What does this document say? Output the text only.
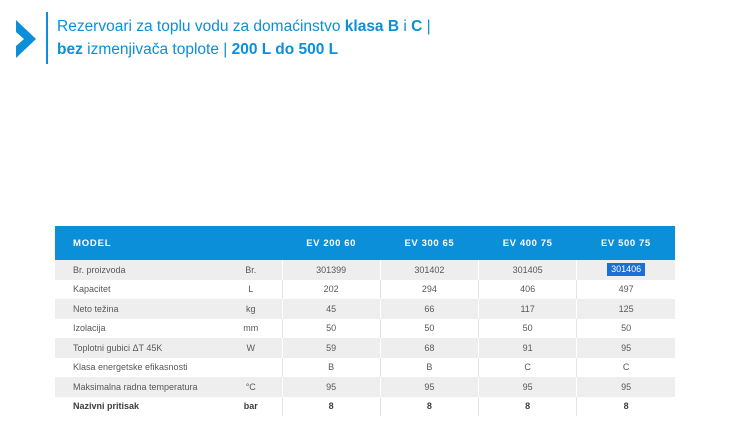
Rezervoari za toplu vodu za domaćinstvo klasa B i C |
bez izmenjivača toplote | 200 L do 500 L
MODEL		EV 200 60	EV 300 65	EV 400 75	EV 500 75
Br. proizvoda	Br.	301399	301402	301405	301406
Kapacitet	L	202	294	406	497
Neto težina	kg	45	66	117	125
Izolacija	mm	50	50	50	50
Toplotni gubici ΔT 45K	W	59	68	91	95
Klasa energetske efikasnosti		B	B	C	C
Maksimalna radna temperatura	°C	95	95	95	95
Nazivni pritisak	bar	8	8	8	8
